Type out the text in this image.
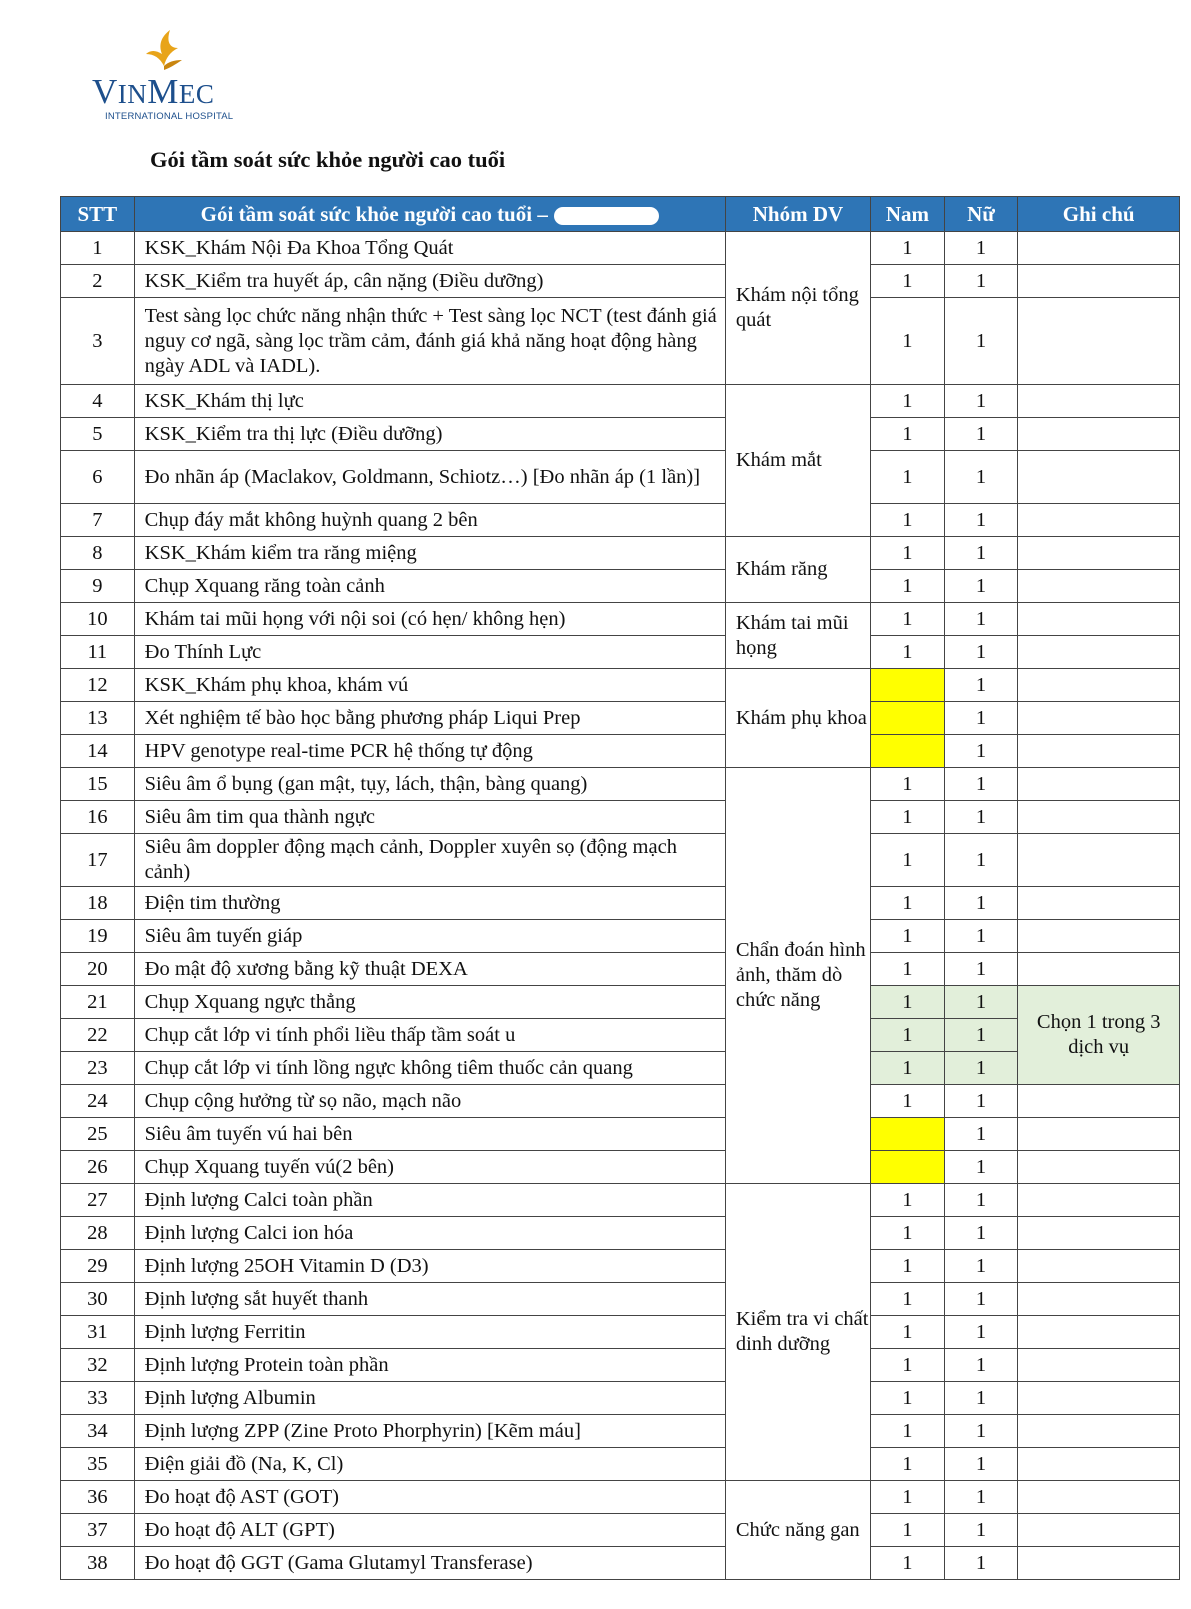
VINMEC
INTERNATIONAL HOSPITAL
Gói tầm soát sức khỏe người cao tuổi
STT	Gói tầm soát sức khỏe người cao tuổi –	Nhóm DV	Nam	Nữ	Ghi chú
1	KSK_Khám Nội Đa Khoa Tổng Quát	Khám nội tổng quát	1	1	
2	KSK_Kiểm tra huyết áp, cân nặng (Điều dưỡng)		1	1	
3	Test sàng lọc chức năng nhận thức + Test sàng lọc NCT (test đánh giá nguy cơ ngã, sàng lọc trầm cảm, đánh giá khả năng hoạt động hàng ngày ADL và IADL).		1	1	
4	KSK_Khám thị lực	Khám mắt	1	1	
5	KSK_Kiểm tra thị lực (Điều dưỡng)		1	1	
6	Đo nhãn áp (Maclakov, Goldmann, Schiotz…) [Đo nhãn áp (1 lần)]		1	1	
7	Chụp đáy mắt không huỳnh quang 2 bên		1	1	
8	KSK_Khám kiểm tra răng miệng	Khám răng	1	1	
9	Chụp Xquang răng toàn cảnh		1	1	
10	Khám tai mũi họng với nội soi (có hẹn/ không hẹn)	Khám tai mũi họng	1	1	
11	Đo Thính Lực		1	1	
12	KSK_Khám phụ khoa, khám vú	Khám phụ khoa		1	
13	Xét nghiệm tế bào học bằng phương pháp Liqui Prep			1	
14	HPV genotype real-time PCR hệ thống tự động			1	
15	Siêu âm ổ bụng (gan mật, tụy, lách, thận, bàng quang)	Chẩn đoán hình ảnh, thăm dò chức năng	1	1	
16	Siêu âm tim qua thành ngực		1	1	
17	Siêu âm doppler động mạch cảnh, Doppler xuyên sọ (động mạch cảnh)		1	1	
18	Điện tim thường		1	1	
19	Siêu âm tuyến giáp		1	1	
20	Đo mật độ xương bằng kỹ thuật DEXA		1	1	
21	Chụp Xquang ngực thẳng		1	1	Chọn 1 trong 3 dịch vụ
22	Chụp cắt lớp vi tính phổi liều thấp tầm soát u		1	1	
23	Chụp cắt lớp vi tính lồng ngực không tiêm thuốc cản quang		1	1	
24	Chụp cộng hưởng từ sọ não, mạch não		1	1	
25	Siêu âm tuyến vú hai bên			1	
26	Chụp Xquang tuyến vú(2 bên)			1	
27	Định lượng Calci toàn phần	Kiểm tra vi chất dinh dưỡng	1	1	
28	Định lượng Calci ion hóa		1	1	
29	Định lượng 25OH Vitamin D (D3)		1	1	
30	Định lượng sắt huyết thanh		1	1	
31	Định lượng Ferritin		1	1	
32	Định lượng Protein toàn phần		1	1	
33	Định lượng Albumin		1	1	
34	Định lượng ZPP (Zine Proto Phorphyrin) [Kẽm máu]		1	1	
35	Điện giải đồ (Na, K, Cl)		1	1	
36	Đo hoạt độ AST (GOT)	Chức năng gan	1	1	
37	Đo hoạt độ ALT (GPT)		1	1	
38	Đo hoạt độ GGT (Gama Glutamyl Transferase)		1	1	
